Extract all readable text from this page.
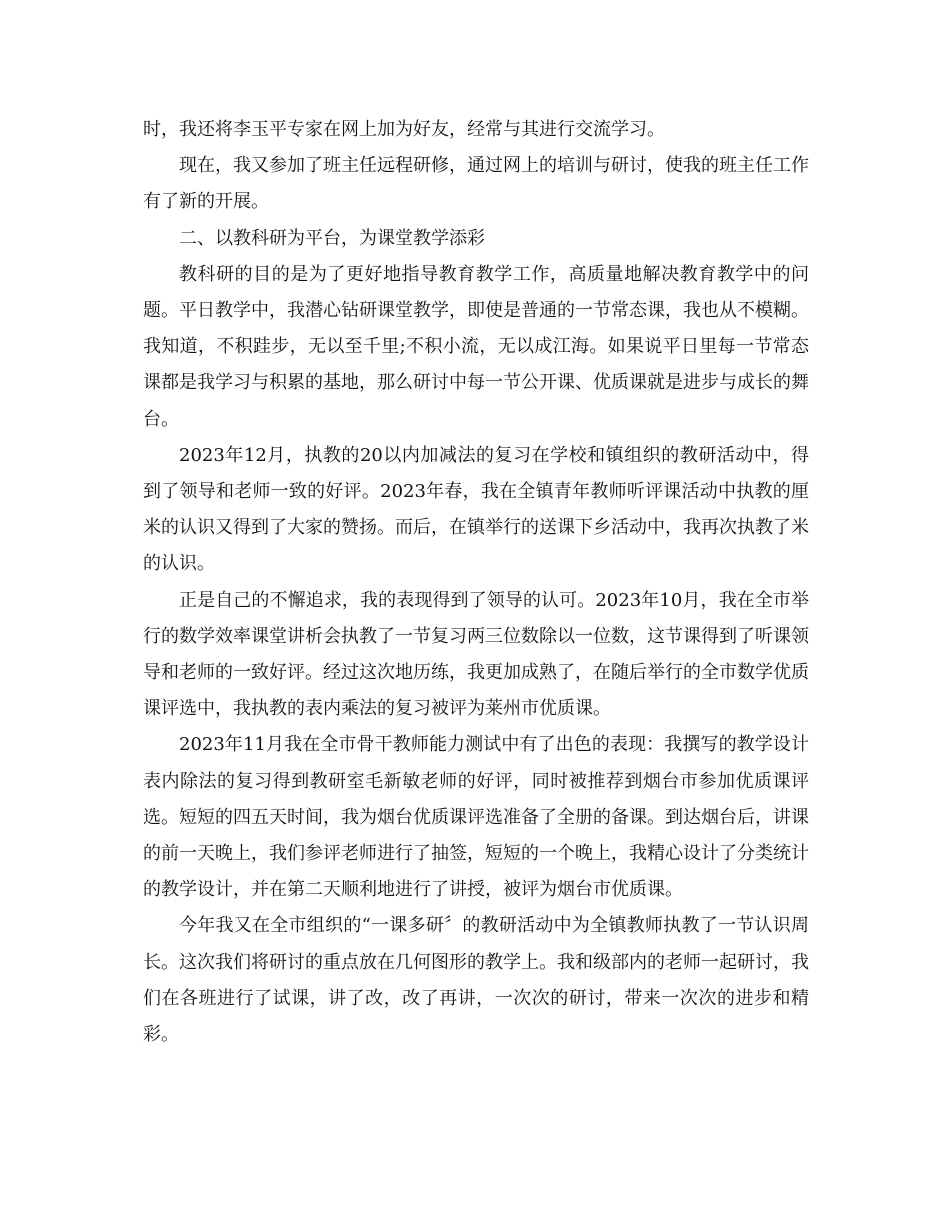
时，我还将李玉平专家在网上加为好友，经常与其进行交流学习。

现在，我又参加了班主任远程研修，通过网上的培训与研讨，使我的班主任工作有了新的开展。

二、以教科研为平台，为课堂教学添彩

教科研的目的是为了更好地指导教育教学工作，高质量地解决教育教学中的问题。平日教学中，我潜心钻研课堂教学，即使是普通的一节常态课，我也从不模糊。我知道，不积跬步，无以至千里;不积小流，无以成江海。如果说平日里每一节常态课都是我学习与积累的基地，那么研讨中每一节公开课、优质课就是进步与成长的舞台。

2023年12月，执教的20以内加减法的复习在学校和镇组织的教研活动中，得到了领导和老师一致的好评。2023年春，我在全镇青年教师听评课活动中执教的厘米的认识又得到了大家的赞扬。而后，在镇举行的送课下乡活动中，我再次执教了米的认识。

正是自己的不懈追求，我的表现得到了领导的认可。2023年10月，我在全市举行的数学效率课堂讲析会执教了一节复习两三位数除以一位数，这节课得到了听课领导和老师的一致好评。经过这次地历练，我更加成熟了，在随后举行的全市数学优质课评选中，我执教的表内乘法的复习被评为莱州市优质课。

2023年11月我在全市骨干教师能力测试中有了出色的表现：我撰写的教学设计表内除法的复习得到教研室毛新敏老师的好评，同时被推荐到烟台市参加优质课评选。短短的四五天时间，我为烟台优质课评选准备了全册的备课。到达烟台后，讲课的前一天晚上，我们参评老师进行了抽签，短短的一个晚上，我精心设计了分类统计的教学设计，并在第二天顺利地进行了讲授，被评为烟台市优质课。

今年我又在全市组织的“一课多研〞的教研活动中为全镇教师执教了一节认识周长。这次我们将研讨的重点放在几何图形的教学上。我和级部内的老师一起研讨，我们在各班进行了试课，讲了改，改了再讲，一次次的研讨，带来一次次的进步和精彩。
